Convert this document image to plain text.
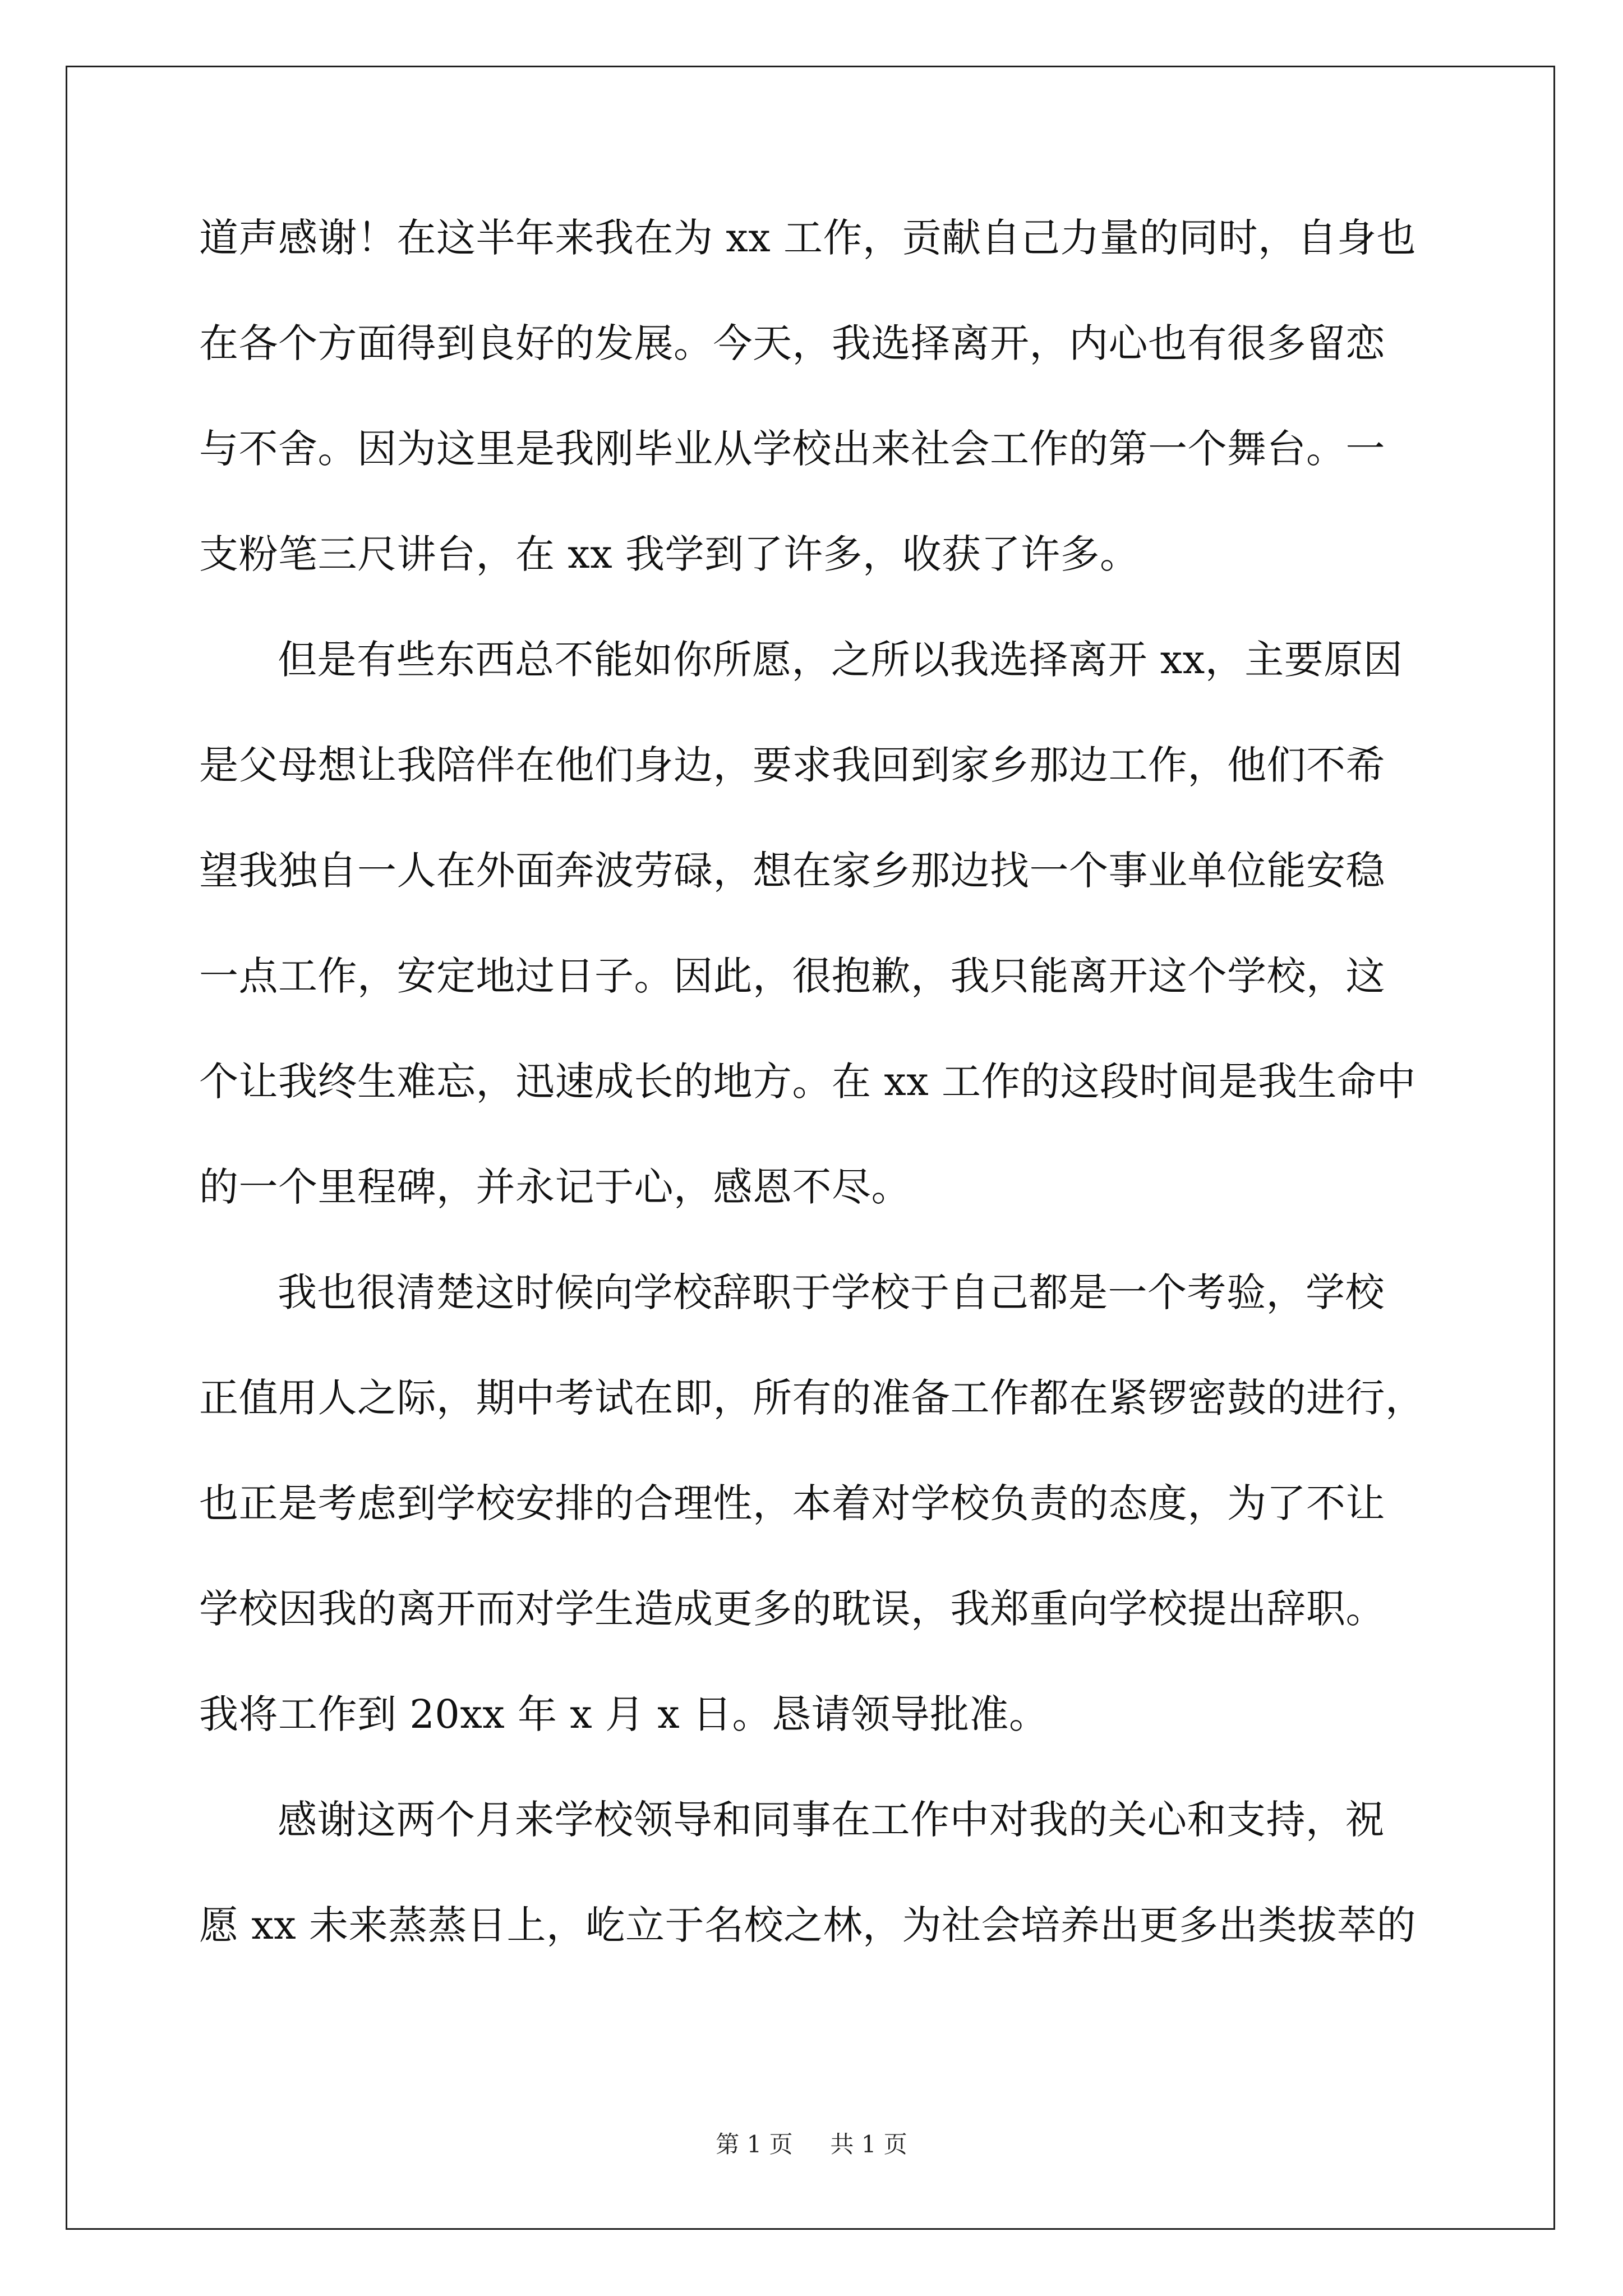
道声感谢！在这半年来我在为 xx 工作，贡献自己力量的同时，自身也
在各个方面得到良好的发展。今天，我选择离开，内心也有很多留恋
与不舍。因为这里是我刚毕业从学校出来社会工作的第一个舞台。一
支粉笔三尺讲台，在 xx 我学到了许多，收获了许多。
但是有些东西总不能如你所愿，之所以我选择离开 xx，主要原因
是父母想让我陪伴在他们身边，要求我回到家乡那边工作，他们不希
望我独自一人在外面奔波劳碌，想在家乡那边找一个事业单位能安稳
一点工作，安定地过日子。因此，很抱歉，我只能离开这个学校，这
个让我终生难忘，迅速成长的地方。在 xx 工作的这段时间是我生命中
的一个里程碑，并永记于心，感恩不尽。
我也很清楚这时候向学校辞职于学校于自己都是一个考验，学校
正值用人之际，期中考试在即，所有的准备工作都在紧锣密鼓的进行，
也正是考虑到学校安排的合理性，本着对学校负责的态度，为了不让
学校因我的离开而对学生造成更多的耽误，我郑重向学校提出辞职。
我将工作到 20xx 年 x 月 x 日。恳请领导批准。
感谢这两个月来学校领导和同事在工作中对我的关心和支持，祝
愿 xx 未来蒸蒸日上，屹立于名校之林，为社会培养出更多出类拔萃的
第 1 页 共 1 页
